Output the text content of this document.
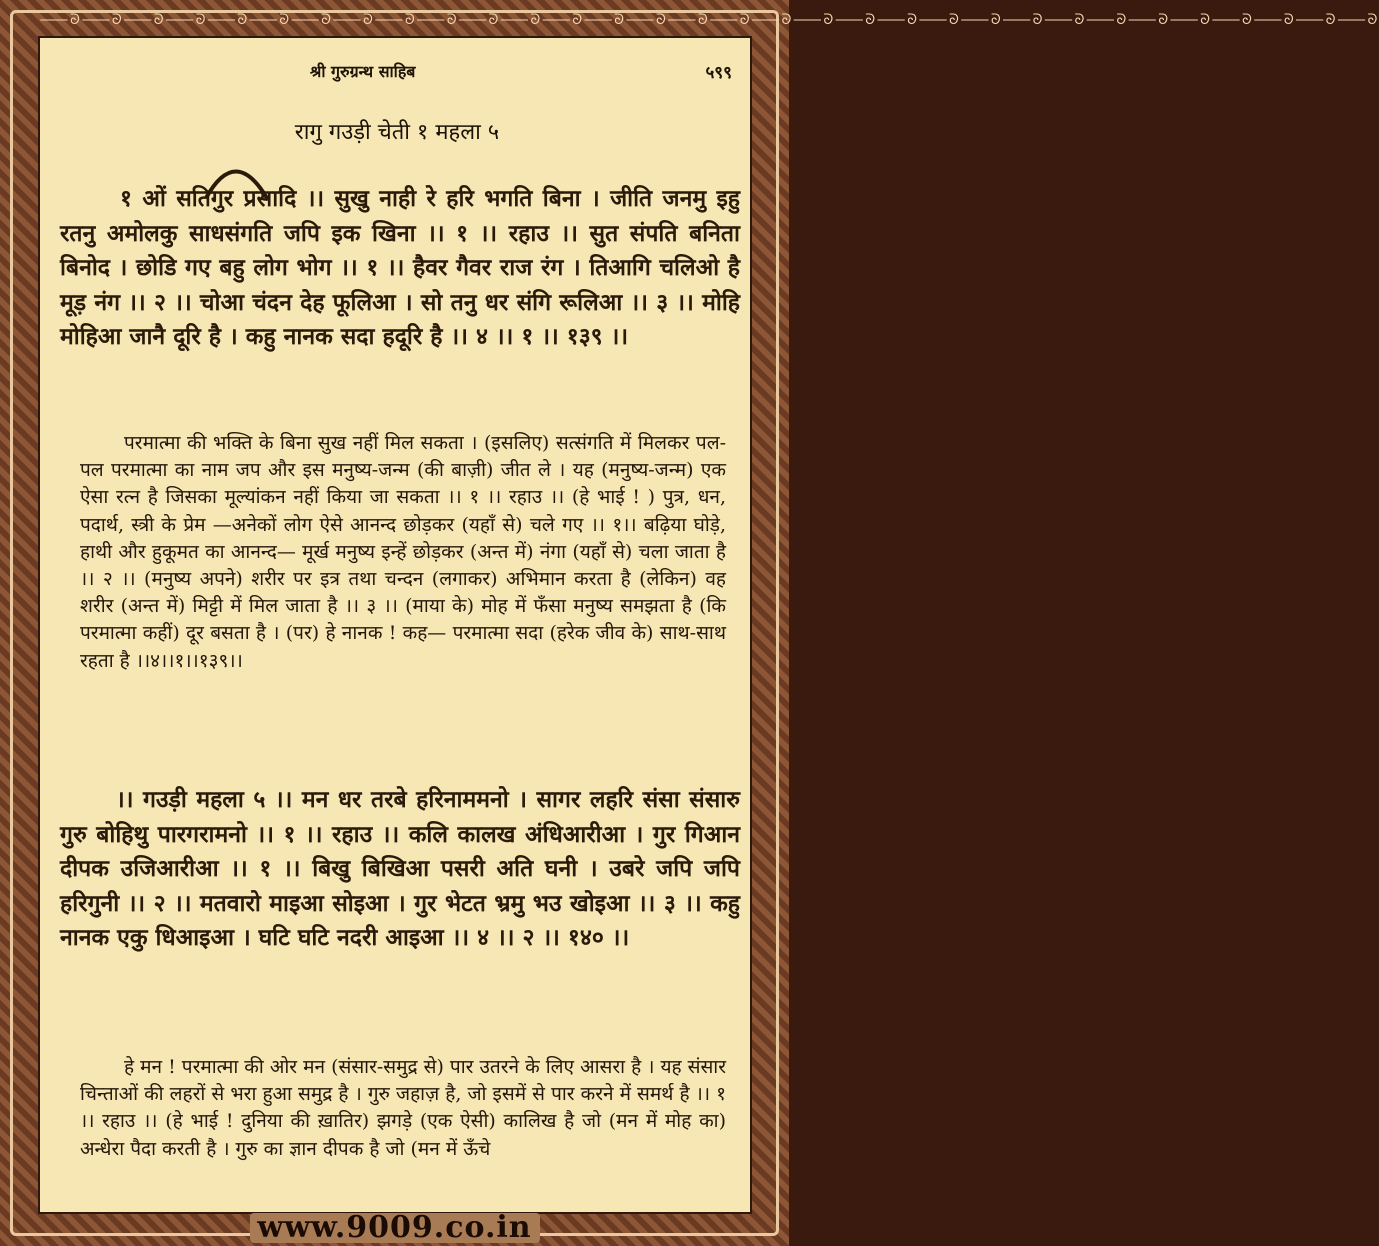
⸺ᘐ⸺ᘐ⸺ᘐ⸺ᘐ⸺ᘐ⸺ᘐ⸺ᘐ⸺ᘐ⸺ᘐ⸺ᘐ⸺ᘐ⸺ᘐ⸺ᘐ⸺ᘐ⸺ᘐ⸺ᘐ⸺ᘐ⸺ᘐ⸺ᘐ⸺ᘐ⸺ᘐ⸺ᘐ⸺ᘐ⸺ᘐ⸺ᘐ⸺ᘐ⸺ᘐ⸺ᘐ⸺ᘐ⸺ᘐ⸺ᘐ⸺ᘐ
श्री गुरुग्रन्थ साहिब	५९९
रागु गउड़ी चेती १ महला ५

१ ओं सतिगुर प्रसादि ।। सुखु नाही रे हरि भगति बिना । जीति जनमु इहु रतनु अमोलकु साधसंगति जपि इक खिना ।। १ ।। रहाउ ।। सुत संपति बनिता बिनोद । छोडि गए बहु लोग भोग ।। १ ।। हैवर गैवर राज रंग । तिआगि चलिओ है मूड़ नंग ।। २ ।। चोआ चंदन देह फूलिआ । सो तनु धर संगि रूलिआ ।। ३ ।। मोहि मोहिआ जानै दूरि है । कहु नानक सदा हदूरि है ।। ४ ।। १ ।। १३९ ।।

परमात्मा की भक्ति के बिना सुख नहीं मिल सकता । (इसलिए) सत्संगति में मिलकर पल-पल परमात्मा का नाम जप और इस मनुष्य-जन्म (की बाज़ी) जीत ले । यह (मनुष्य-जन्म) एक ऐसा रत्न है जिसका मूल्यांकन नहीं किया जा सकता ।। १ ।। रहाउ ।। (हे भाई ! ) पुत्र, धन, पदार्थ, स्त्री के प्रेम —अनेकों लोग ऐसे आनन्द छोड़कर (यहाँ से) चले गए ।। १।। बढ़िया घोड़े, हाथी और हुकूमत का आनन्द— मूर्ख मनुष्य इन्हें छोड़कर (अन्त में) नंगा (यहाँ से) चला जाता है ।। २ ।। (मनुष्य अपने) शरीर पर इत्र तथा चन्दन (लगाकर) अभिमान करता है (लेकिन) वह शरीर (अन्त में) मिट्टी में मिल जाता है ।। ३ ।। (माया के) मोह में फँसा मनुष्य समझता है (कि परमात्मा कहीं) दूर बसता है । (पर) हे नानक ! कह— परमात्मा सदा (हरेक जीव के) साथ-साथ रहता है ।।४।।१।।१३९।।

।। गउड़ी महला ५ ।। मन धर तरबे हरिनाममनो । सागर लहरि संसा संसारु गुरु बोहिथु पारगरामनो ।। १ ।। रहाउ ।। कलि कालख अंधिआरीआ । गुर गिआन दीपक उजिआरीआ ।। १ ।। बिखु बिखिआ पसरी अति घनी । उबरे जपि जपि हरिगुनी ।। २ ।। मतवारो माइआ सोइआ । गुर भेटत भ्रमु भउ खोइआ ।। ३ ।। कहु नानक एकु धिआइआ । घटि घटि नदरी आइआ ।। ४ ।। २ ।। १४० ।।

हे मन ! परमात्मा की ओर मन (संसार-समुद्र से) पार उतरने के लिए आसरा है । यह संसार चिन्ताओं की लहरों से भरा हुआ समुद्र है । गुरु जहाज़ है, जो इसमें से पार करने में समर्थ है ।। १ ।। रहाउ ।। (हे भाई ! दुनिया की ख़ातिर) झगड़े (एक ऐसी) कालिख है जो (मन में मोह का) अन्धेरा पैदा करती है । गुरु का ज्ञान दीपक है जो (मन में ऊँचे
www.9009.co.in
